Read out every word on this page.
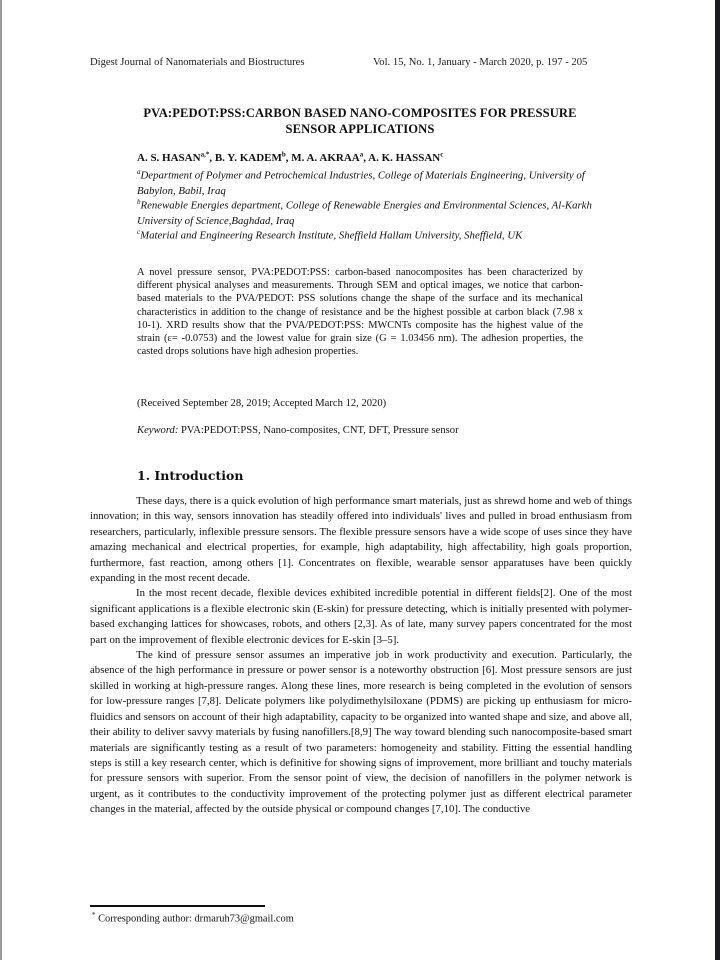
Digest Journal of Nanomaterials and Biostructures	Vol. 15, No. 1, January - March 2020, p. 197 - 205
PVA:PEDOT:PSS:CARBON BASED NANO-COMPOSITES FOR PRESSURE
SENSOR APPLICATIONS
A. S. $HASAN^{a,*}$, B. Y. KADEM$^b$, M. A. AKRAA$^a$, A. K. HASSAN$^c$
$^a$Department of Polymer and Petrochemical Industries, College of Materials Engineering, University of Babylon, Babil, Iraq
$^b$Renewable Energies department, College of Renewable Energies and Environmental Sciences, Al-Karkh University of Science,Baghdad, Iraq
$^c$Material and Engineering Research Institute, Sheffield Hallam University, Sheffield, UK
A novel pressure sensor, PVA:PEDOT:PSS: carbon-based nanocomposites has been characterized by different physical analyses and measurements. Through SEM and optical images, we notice that carbon-based materials to the PVA/PEDOT: PSS solutions change the shape of the surface and its mechanical characteristics in addition to the change of resistance and be the highest possible at carbon black (7.98 x 10-1). XRD results show that the PVA/PEDOT:PSS: MWCNTs composite has the highest value of the strain (ε= -0.0753) and the lowest value for grain size (G = 1.03456 nm). The adhesion properties, the casted drops solutions have high adhesion properties.
(Received September 28, 2019; Accepted March 12, 2020)
Keyword: PVA:PEDOT:PSS, Nano-composites, CNT, DFT, Pressure sensor
1. Introduction

These days, there is a quick evolution of high performance smart materials, just as shrewd home and web of things innovation; in this way, sensors innovation has steadily offered into individuals' lives and pulled in broad enthusiasm from researchers, particularly, inflexible pressure sensors. The flexible pressure sensors have a wide scope of uses since they have amazing mechanical and electrical properties, for example, high adaptability, high affectability, high goals proportion, furthermore, fast reaction, among others [1]. Concentrates on flexible, wearable sensor apparatuses have been quickly expanding in the most recent decade.

In the most recent decade, flexible devices exhibited incredible potential in different fields[2]. One of the most significant applications is a flexible electronic skin (E-skin) for pressure detecting, which is initially presented with polymer-based exchanging lattices for showcases, robots, and others [2,3]. As of late, many survey papers concentrated for the most part on the improvement of flexible electronic devices for E-skin [3–5].

The kind of pressure sensor assumes an imperative job in work productivity and execution. Particularly, the absence of the high performance in pressure or power sensor is a noteworthy obstruction [6]. Most pressure sensors are just skilled in working at high-pressure ranges. Along these lines, more research is being completed in the evolution of sensors for low-pressure ranges [7,8]. Delicate polymers like polydimethylsiloxane (PDMS) are picking up enthusiasm for micro-fluidics and sensors on account of their high adaptability, capacity to be organized into wanted shape and size, and above all, their ability to deliver savvy materials by fusing nanofillers.[8,9] The way toward blending such nanocomposite-based smart materials are significantly testing as a result of two parameters: homogeneity and stability. Fitting the essential handling steps is still a key research center, which is definitive for showing signs of improvement, more brilliant and touchy materials for pressure sensors with superior. From the sensor point of view, the decision of nanofillers in the polymer network is urgent, as it contributes to the conductivity improvement of the protecting polymer just as different electrical parameter changes in the material, affected by the outside physical or compound changes [7,10]. The conductive

* Corresponding author: drmaruh73@gmail.com
